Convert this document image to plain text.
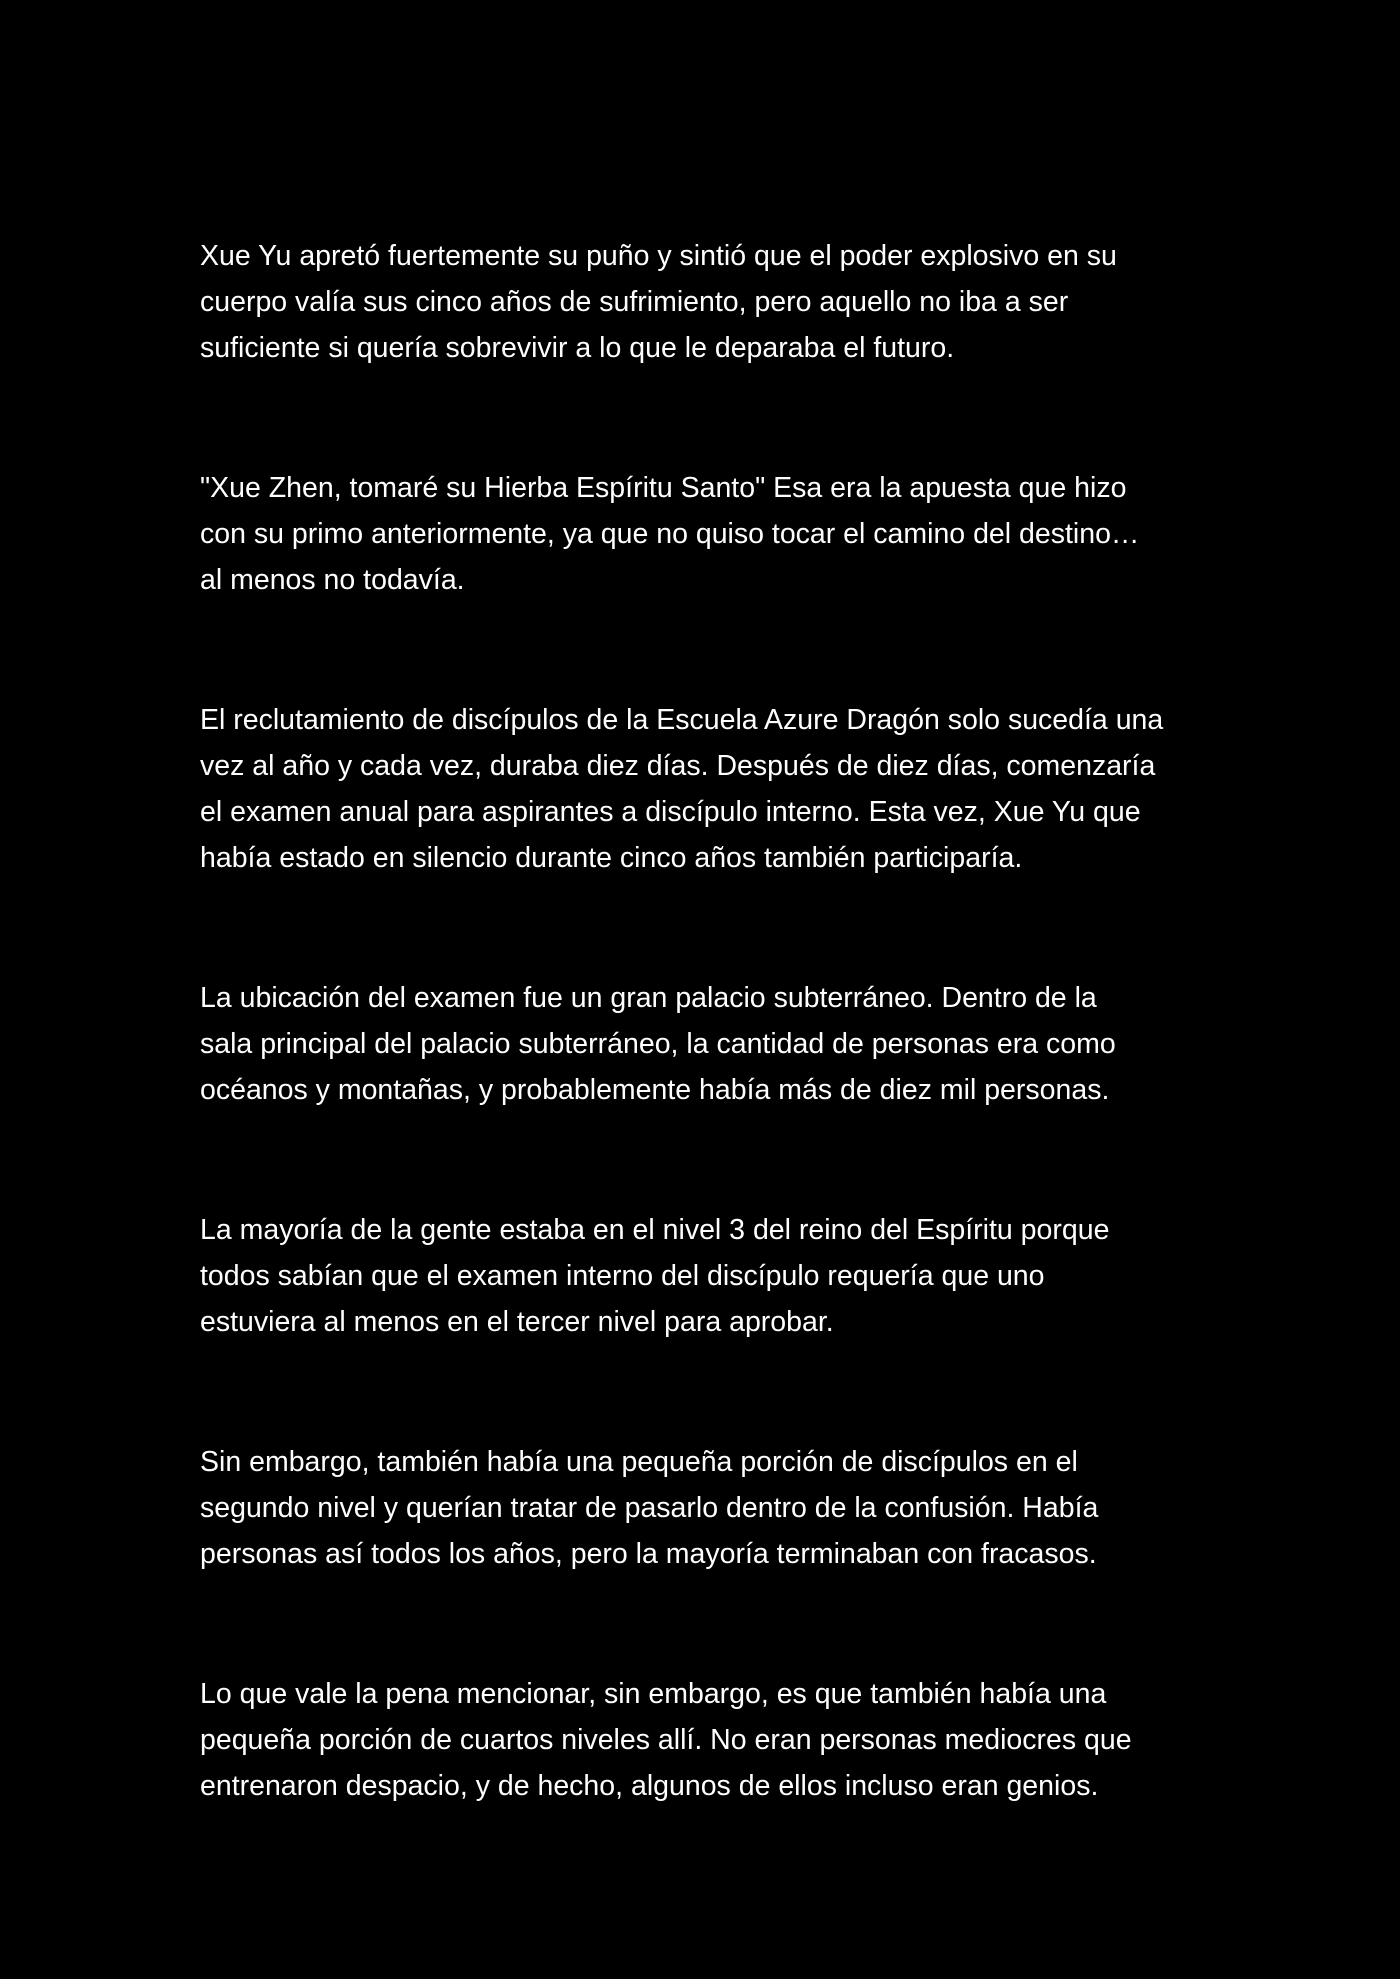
Xue Yu apretó fuertemente su puño y sintió que el poder explosivo en su
cuerpo valía sus cinco años de sufrimiento, pero aquello no iba a ser
suficiente si quería sobrevivir a lo que le deparaba el futuro.

"Xue Zhen, tomaré su Hierba Espíritu Santo" Esa era la apuesta que hizo
con su primo anteriormente, ya que no quiso tocar el camino del destino…
al menos no todavía.

El reclutamiento de discípulos de la Escuela Azure Dragón solo sucedía una
vez al año y cada vez, duraba diez días. Después de diez días, comenzaría
el examen anual para aspirantes a discípulo interno. Esta vez, Xue Yu que
había estado en silencio durante cinco años también participaría.

La ubicación del examen fue un gran palacio subterráneo. Dentro de la
sala principal del palacio subterráneo, la cantidad de personas era como
océanos y montañas, y probablemente había más de diez mil personas.

La mayoría de la gente estaba en el nivel 3 del reino del Espíritu porque
todos sabían que el examen interno del discípulo requería que uno
estuviera al menos en el tercer nivel para aprobar.

Sin embargo, también había una pequeña porción de discípulos en el
segundo nivel y querían tratar de pasarlo dentro de la confusión. Había
personas así todos los años, pero la mayoría terminaban con fracasos.

Lo que vale la pena mencionar, sin embargo, es que también había una
pequeña porción de cuartos niveles allí. No eran personas mediocres que
entrenaron despacio, y de hecho, algunos de ellos incluso eran genios.
